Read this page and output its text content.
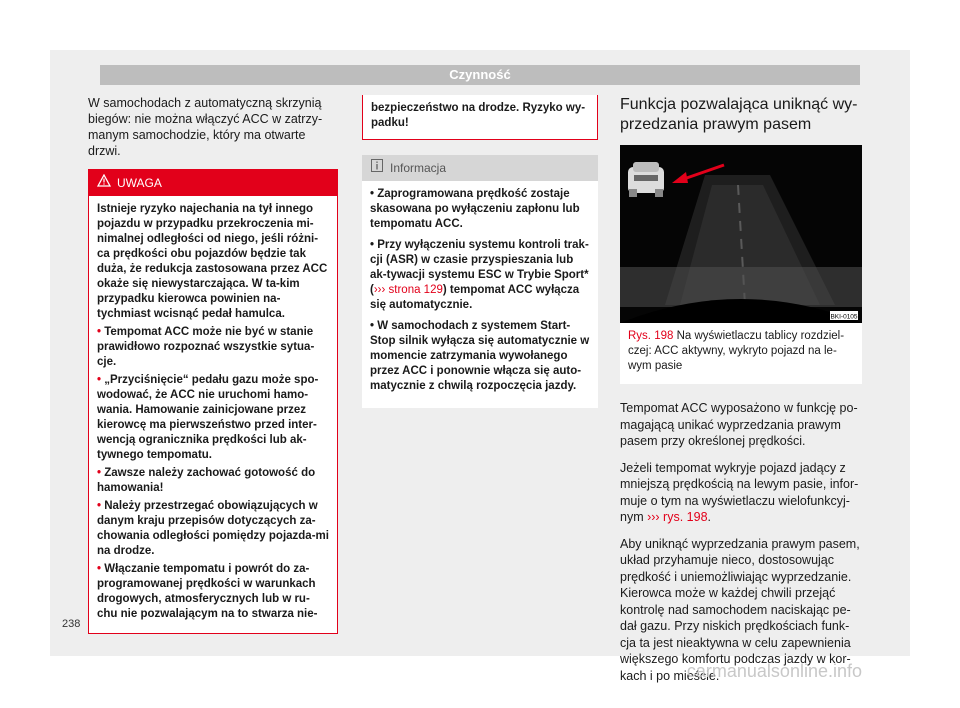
Czynność

W samochodach z automatyczną skrzynią biegów: nie można włączyć ACC w zatrzy-manym samochodzie, który ma otwarte drzwi.

UWAGA
Istnieje ryzyko najechania na tył innego pojazdu w przypadku przekroczenia mi-nimalnej odległości od niego, jeśli różni-ca prędkości obu pojazdów będzie tak duża, że redukcja zastosowana przez ACC okaże się niewystarczająca. W ta-kim przypadku kierowca powinien na-tychmiast wcisnąć pedał hamulca.
• Tempomat ACC może nie być w stanie prawidłowo rozpoznać wszystkie sytua-cje.
• „Przyciśnięcie“ pedału gazu może spo-wodować, że ACC nie uruchomi hamo-wania. Hamowanie zainicjowane przez kierowcę ma pierwszeństwo przed inter-wencją ogranicznika prędkości lub ak-tywnego tempomatu.
• Zawsze należy zachować gotowość do hamowania!
• Należy przestrzegać obowiązujących w danym kraju przepisów dotyczących za-chowania odległości pomiędzy pojazda-mi na drodze.
• Włączanie tempomatu i powrót do za-programowanej prędkości w warunkach drogowych, atmosferycznych lub w ru-chu nie pozwalającym na to stwarza nie-
bezpieczeństwo na drodze. Ryzyko wy-padku!
Informacja
• Zaprogramowana prędkość zostaje skasowana po wyłączeniu zapłonu lub tempomatu ACC.
• Przy wyłączeniu systemu kontroli trak-cji (ASR) w czasie przyspieszania lub ak-tywacji systemu ESC w Trybie Sport* (››› strona 129) tempomat ACC wyłącza się automatycznie.
• W samochodach z systemem Start-Stop silnik wyłącza się automatycznie w momencie zatrzymania wywołanego przez ACC i ponownie włącza się auto-matycznie z chwilą rozpoczęcia jazdy.
Funkcja pozwalająca uniknąć wy-przedzania prawym pasem
BKI-0105
Rys. 198 Na wyświetlaczu tablicy rozdziel-czej: ACC aktywny, wykryto pojazd na le-wym pasie

Tempomat ACC wyposażono w funkcję po-magającą unikać wyprzedzania prawym pasem przy określonej prędkości.

Jeżeli tempomat wykryje pojazd jadący z mniejszą prędkością na lewym pasie, infor-muje o tym na wyświetlaczu wielofunkcyj-nym ››› rys. 198.

Aby uniknąć wyprzedzania prawym pasem, układ przyhamuje nieco, dostosowując prędkość i uniemożliwiając wyprzedzanie. Kierowca może w każdej chwili przejąć kontrolę nad samochodem naciskając pe-dał gazu. Przy niskich prędkościach funk-cja ta jest nieaktywna w celu zapewnienia większego komfortu podczas jazdy w kor-kach i po mieście.

238
carmanualsonline.info
